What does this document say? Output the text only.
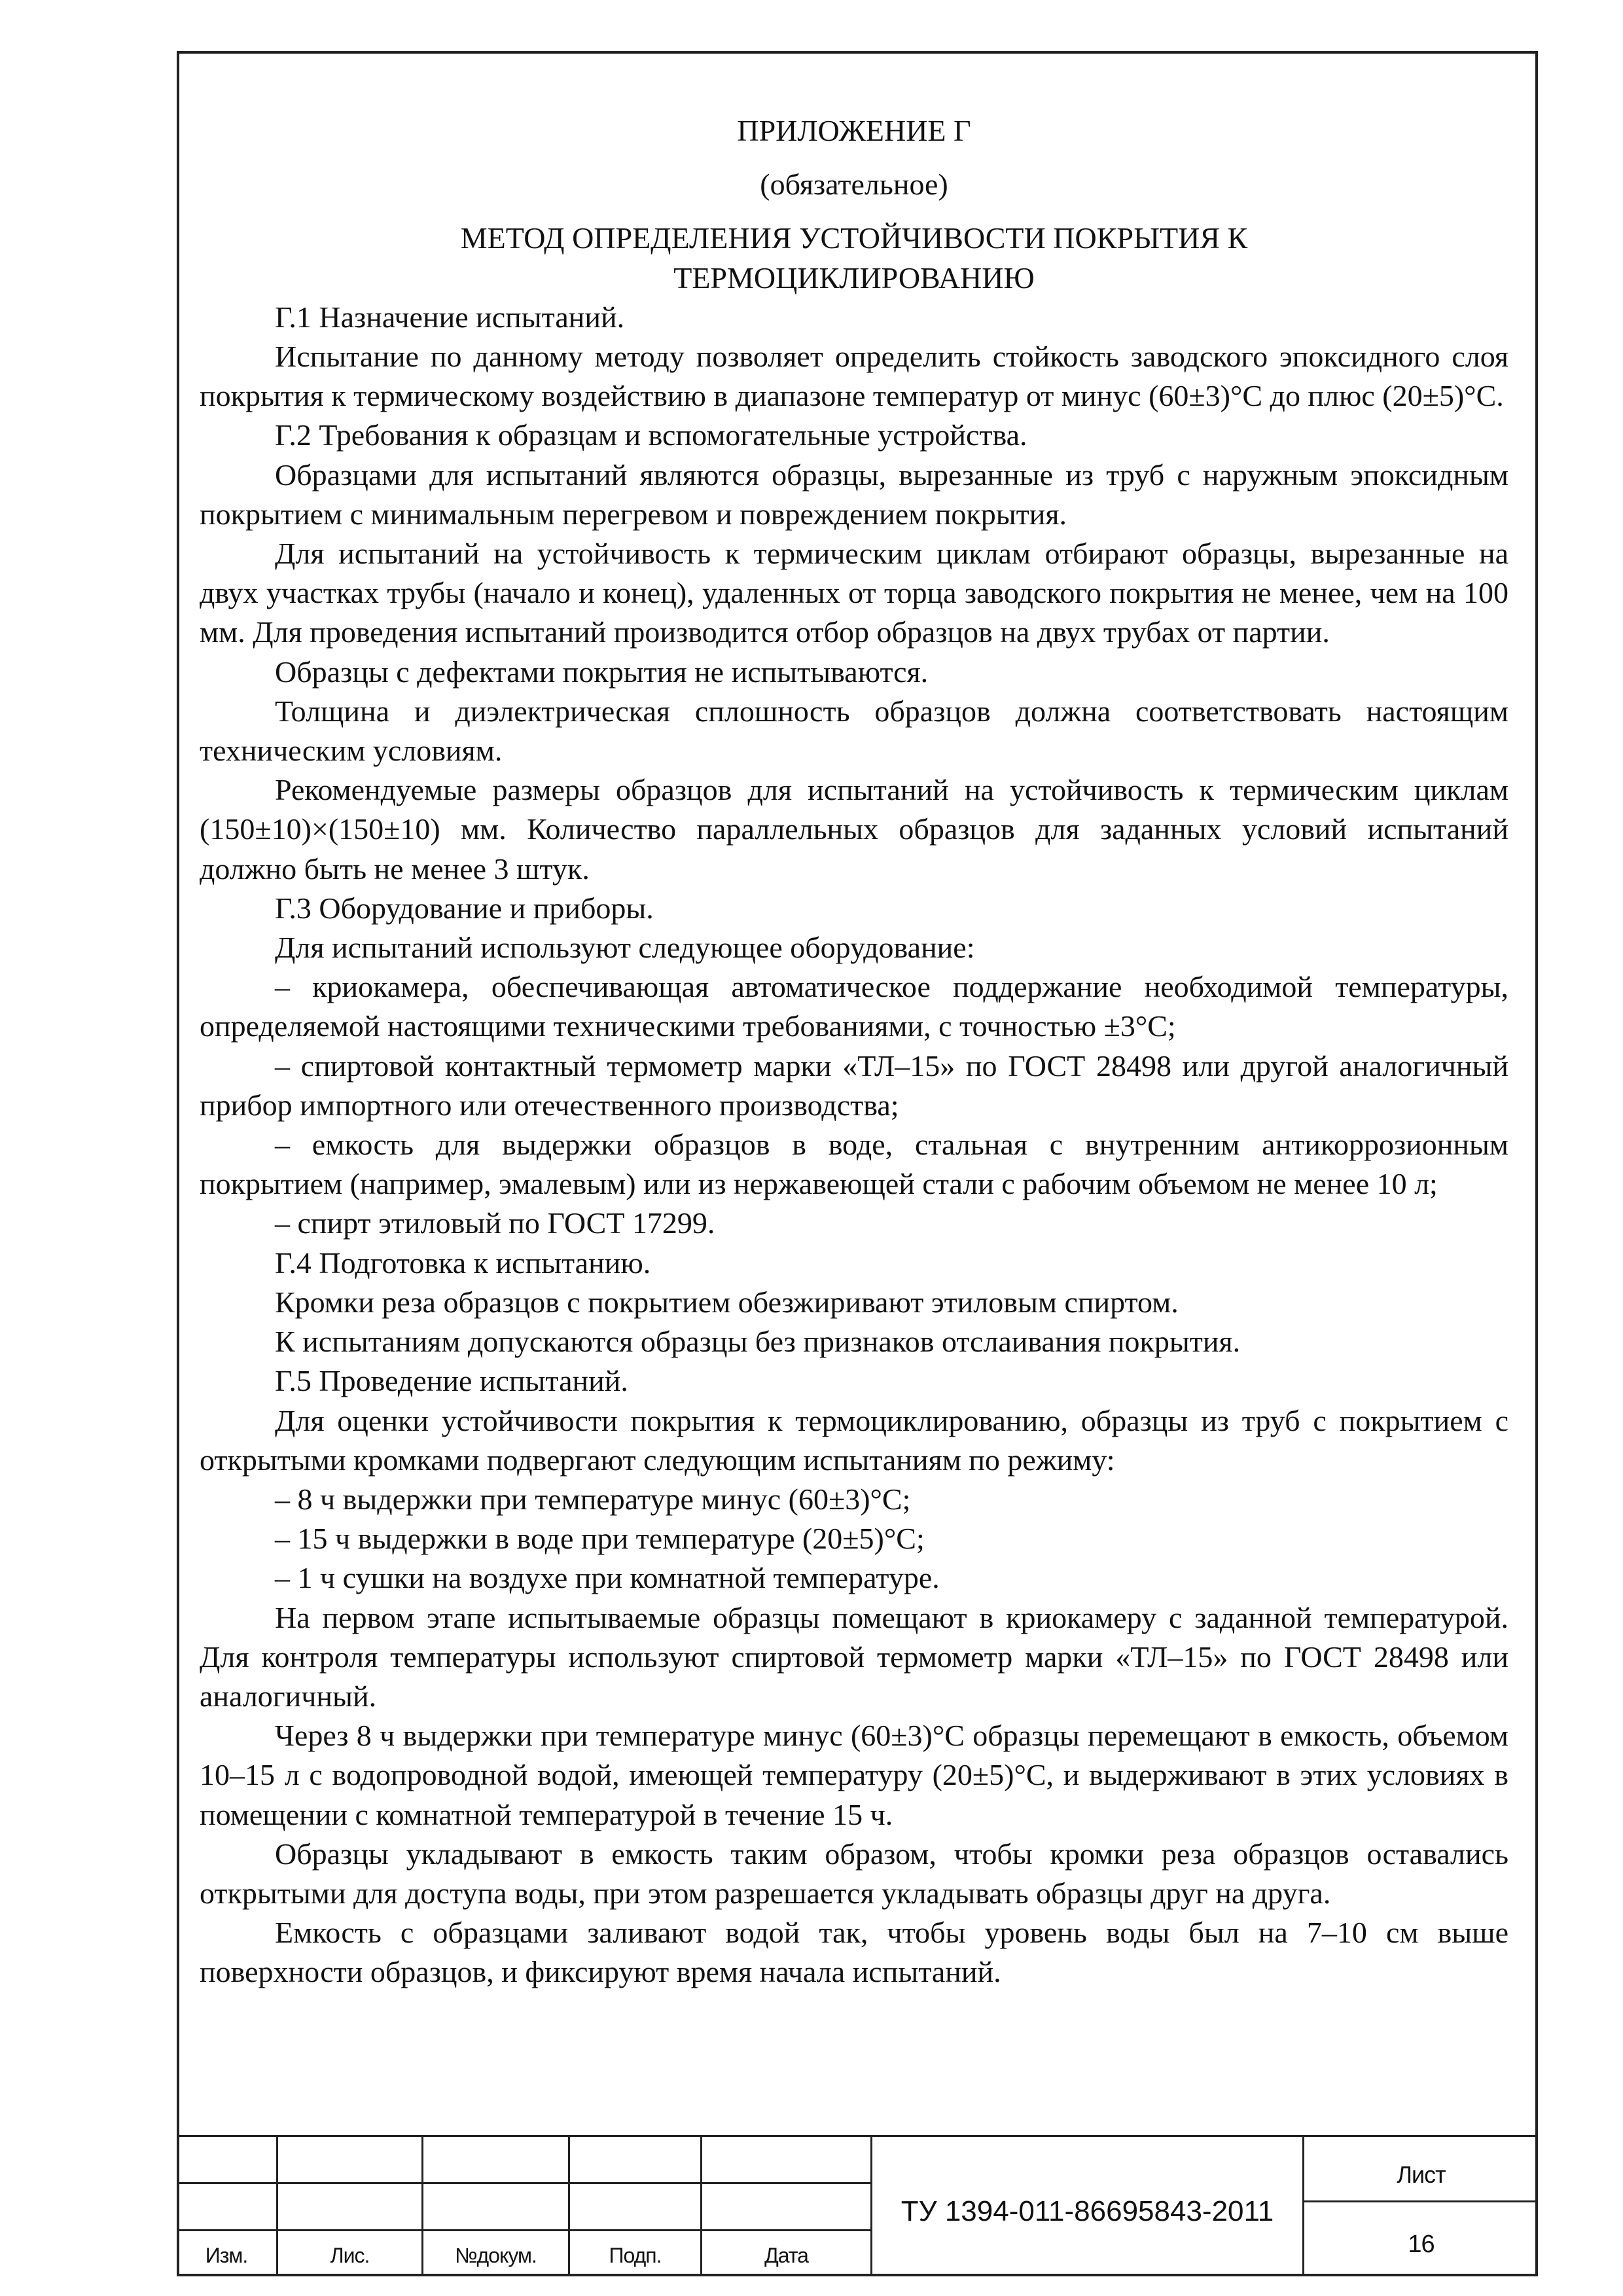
ПРИЛОЖЕНИЕ Г
(обязательное)
МЕТОД ОПРЕДЕЛЕНИЯ УСТОЙЧИВОСТИ ПОКРЫТИЯ К ТЕРМОЦИКЛИРОВАНИЮ

Г.1 Назначение испытаний.

Испытание по данному методу позволяет определить стойкость заводского эпоксидного слоя покрытия к термическому воздействию в диапазоне температур от минус (60±3)°С до плюс (20±5)°С.

Г.2 Требования к образцам и вспомогательные устройства.

Образцами для испытаний являются образцы, вырезанные из труб с наружным эпоксидным покрытием с минимальным перегревом и повреждением покрытия.

Для испытаний на устойчивость к термическим циклам отбирают образцы, вырезанные на двух участках трубы (начало и конец), удаленных от торца заводского покрытия не менее, чем на 100 мм. Для проведения испытаний производится отбор образцов на двух трубах от партии.

Образцы с дефектами покрытия не испытываются.

Толщина и диэлектрическая сплошность образцов должна соответствовать настоящим техническим условиям.

Рекомендуемые размеры образцов для испытаний на устойчивость к термическим циклам (150±10)×(150±10) мм. Количество параллельных образцов для заданных условий испытаний должно быть не менее 3 штук.

Г.3 Оборудование и приборы.

Для испытаний используют следующее оборудование:

– криокамера, обеспечивающая автоматическое поддержание необходимой температуры, определяемой настоящими техническими требованиями, с точностью ±3°С;

– спиртовой контактный термометр марки «ТЛ–15» по ГОСТ 28498 или другой аналогичный прибор импортного или отечественного производства;

– емкость для выдержки образцов в воде, стальная с внутренним антикоррозионным покрытием (например, эмалевым) или из нержавеющей стали с рабочим объемом не менее 10 л;

– спирт этиловый по ГОСТ 17299.

Г.4 Подготовка к испытанию.

Кромки реза образцов с покрытием обезжиривают этиловым спиртом.

К испытаниям допускаются образцы без признаков отслаивания покрытия.

Г.5 Проведение испытаний.

Для оценки устойчивости покрытия к термоциклированию, образцы из труб с покрытием с открытыми кромками подвергают следующим испытаниям по режиму:

– 8 ч выдержки при температуре минус (60±3)°С;

– 15 ч выдержки в воде при температуре (20±5)°С;

– 1 ч сушки на воздухе при комнатной температуре.

На первом этапе испытываемые образцы помещают в криокамеру с заданной температурой. Для контроля температуры используют спиртовой термометр марки «ТЛ–15» по ГОСТ 28498 или аналогичный.

Через 8 ч выдержки при температуре минус (60±3)°С образцы перемещают в емкость, объемом 10–15 л с водопроводной водой, имеющей температуру (20±5)°С, и выдерживают в этих условиях в помещении с комнатной температурой в течение 15 ч.

Образцы укладывают в емкость таким образом, чтобы кромки реза образцов оставались открытыми для доступа воды, при этом разрешается укладывать образцы друг на друга.

Емкость с образцами заливают водой так, чтобы уровень воды был на 7–10 см выше поверхности образцов, и фиксируют время начала испытаний.

Изм.	Лис.	№докум.	Подп.	Дата
ТУ 1394-011-86695843-2011
Лист
16
